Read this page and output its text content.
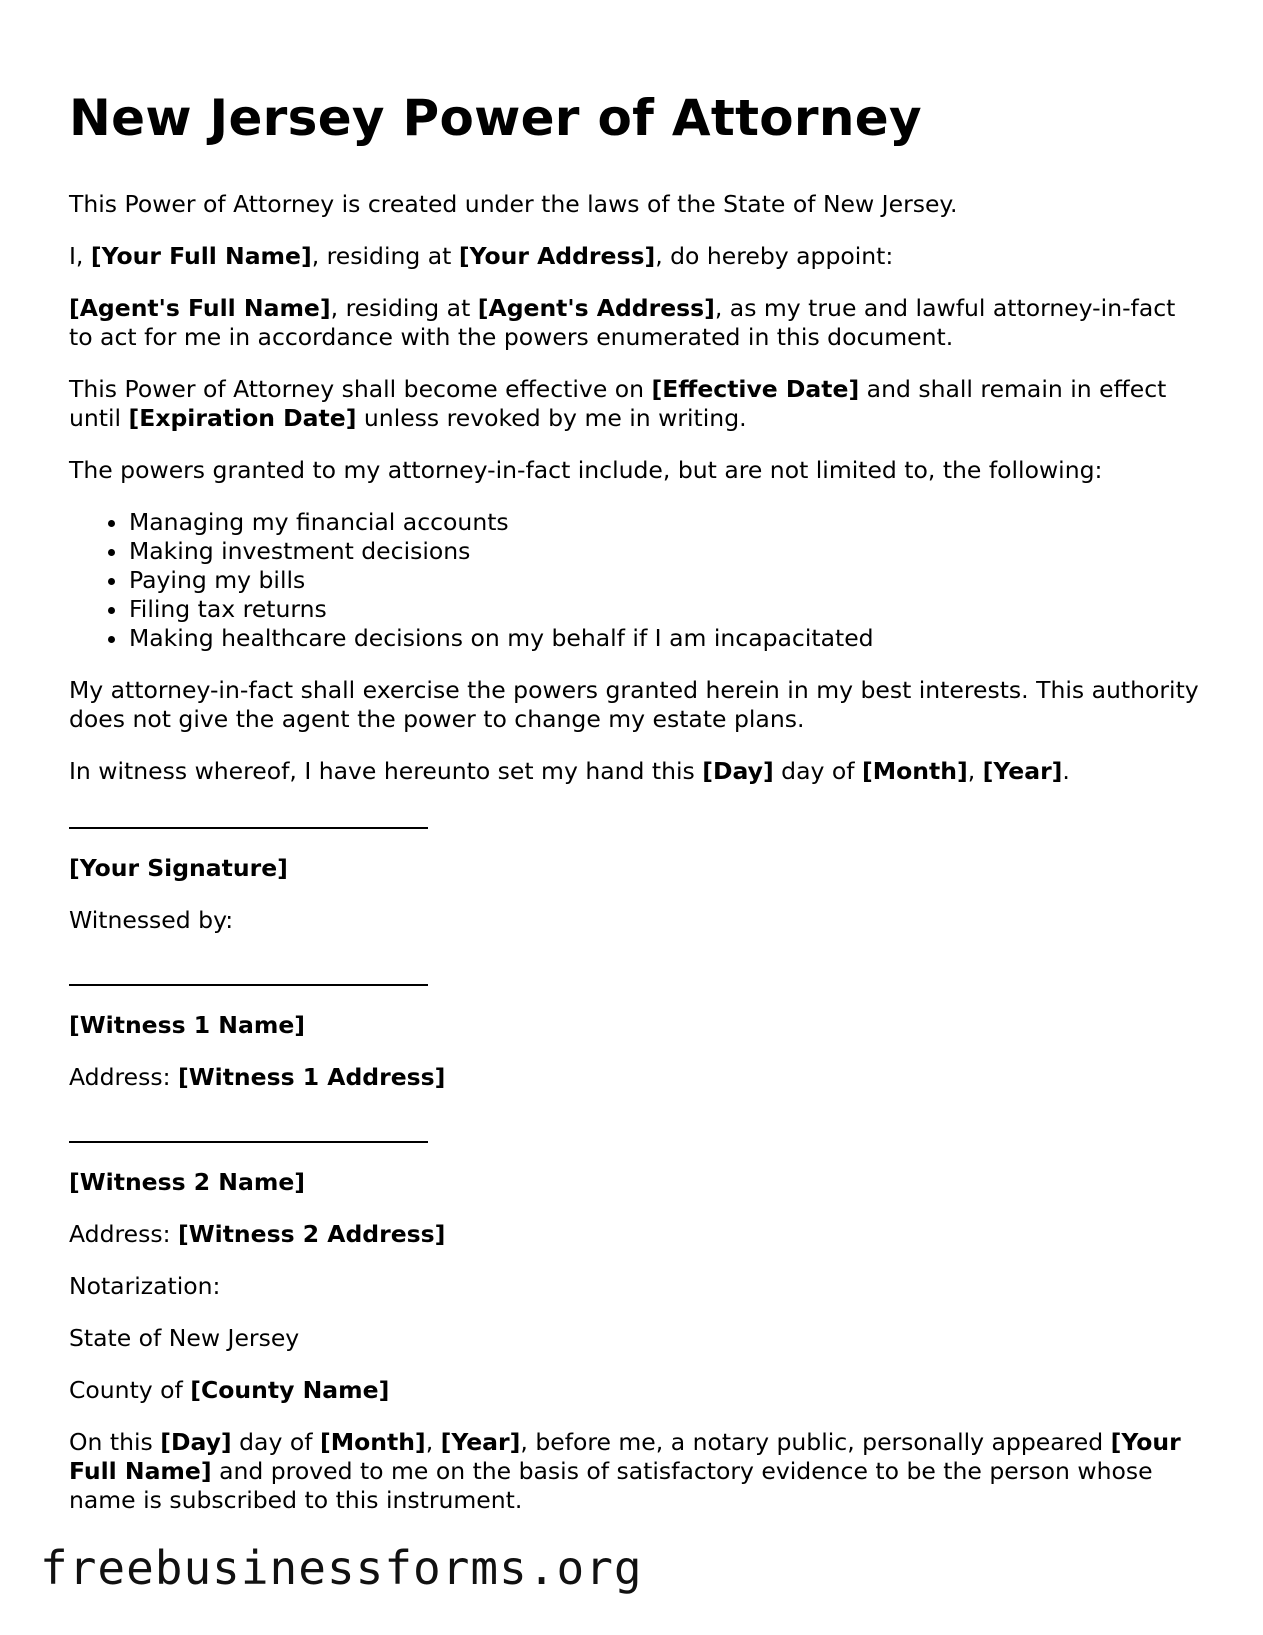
New Jersey Power of Attorney

This Power of Attorney is created under the laws of the State of New Jersey.

I, [Your Full Name], residing at [Your Address], do hereby appoint:

[Agent's Full Name], residing at [Agent's Address], as my true and lawful attorney-in-fact to act for me in accordance with the powers enumerated in this document.

This Power of Attorney shall become effective on [Effective Date] and shall remain in effect until [Expiration Date] unless revoked by me in writing.

The powers granted to my attorney-in-fact include, but are not limited to, the following:

• Managing my financial accounts
• Making investment decisions
• Paying my bills
• Filing tax returns
• Making healthcare decisions on my behalf if I am incapacitated

My attorney-in-fact shall exercise the powers granted herein in my best interests. This authority does not give the agent the power to change my estate plans.

In witness whereof, I have hereunto set my hand this [Day] day of [Month], [Year].

[Your Signature]

Witnessed by:

[Witness 1 Name]

Address: [Witness 1 Address]

[Witness 2 Name]

Address: [Witness 2 Address]

Notarization:

State of New Jersey

County of [County Name]

On this [Day] day of [Month], [Year], before me, a notary public, personally appeared [Your Full Name] and proved to me on the basis of satisfactory evidence to be the person whose name is subscribed to this instrument.

freebusinessforms.org
